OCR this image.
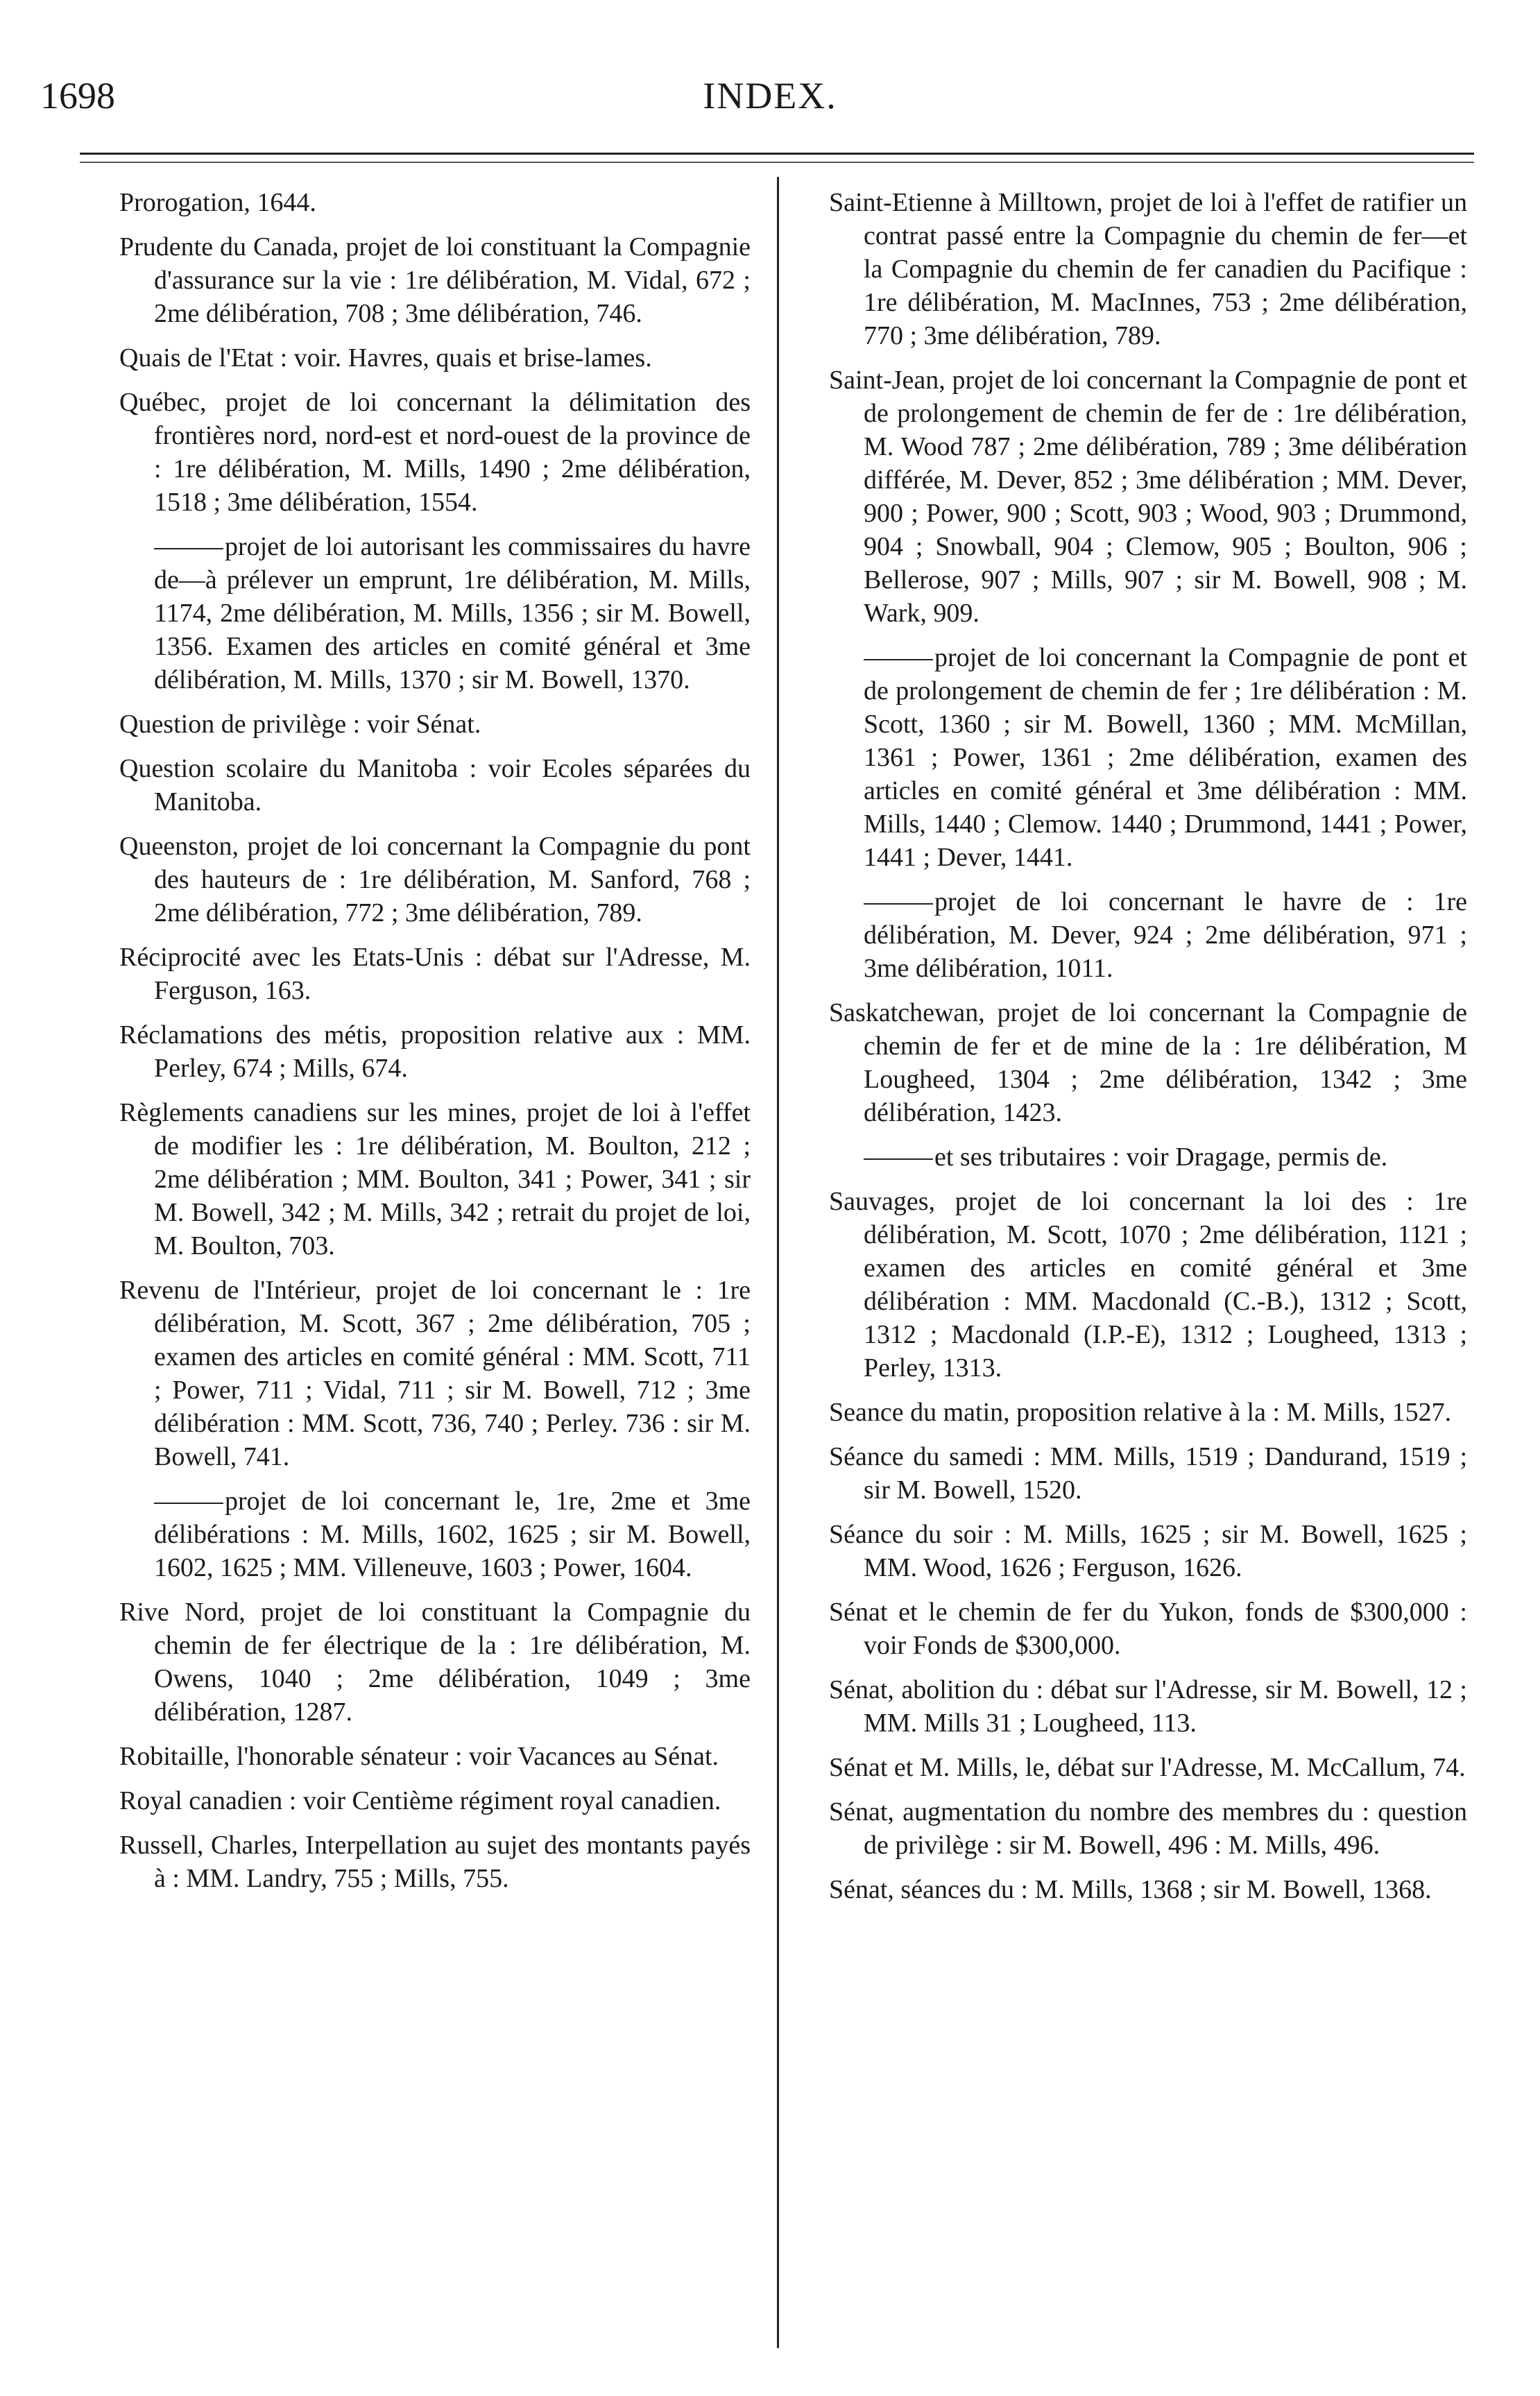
1698	INDEX.
Prorogation, 1644.
Prudente du Canada, projet de loi constituant la Compagnie d'assurance sur la vie : 1re délibération, M. Vidal, 672 ; 2me délibération, 708 ; 3me délibération, 746.
Quais de l'Etat : voir. Havres, quais et brise-lames.
Québec, projet de loi concernant la délimitation des frontières nord, nord-est et nord-ouest de la province de : 1re délibération, M. Mills, 1490 ; 2me délibération, 1518 ; 3me délibération, 1554.
projet de loi autorisant les commissaires du havre de—à prélever un emprunt, 1re délibération, M. Mills, 1174, 2me délibération, M. Mills, 1356 ; sir M. Bowell, 1356. Examen des articles en comité général et 3me délibération, M. Mills, 1370 ; sir M. Bowell, 1370.
Question de privilège : voir Sénat.
Question scolaire du Manitoba : voir Ecoles séparées du Manitoba.
Queenston, projet de loi concernant la Compagnie du pont des hauteurs de : 1re délibération, M. Sanford, 768 ; 2me délibération, 772 ; 3me délibération, 789.
Réciprocité avec les Etats-Unis : débat sur l'Adresse, M. Ferguson, 163.
Réclamations des métis, proposition relative aux : MM. Perley, 674 ; Mills, 674.
Règlements canadiens sur les mines, projet de loi à l'effet de modifier les : 1re délibération, M. Boulton, 212 ; 2me délibération ; MM. Boulton, 341 ; Power, 341 ; sir M. Bowell, 342 ; M. Mills, 342 ; retrait du projet de loi, M. Boulton, 703.
Revenu de l'Intérieur, projet de loi concernant le : 1re délibération, M. Scott, 367 ; 2me délibération, 705 ; examen des articles en comité général : MM. Scott, 711 ; Power, 711 ; Vidal, 711 ; sir M. Bowell, 712 ; 3me délibération : MM. Scott, 736, 740 ; Perley. 736 : sir M. Bowell, 741.
projet de loi concernant le, 1re, 2me et 3me délibérations : M. Mills, 1602, 1625 ; sir M. Bowell, 1602, 1625 ; MM. Villeneuve, 1603 ; Power, 1604.
Rive Nord, projet de loi constituant la Compagnie du chemin de fer électrique de la : 1re délibération, M. Owens, 1040 ; 2me délibération, 1049 ; 3me délibération, 1287.
Robitaille, l'honorable sénateur : voir Vacances au Sénat.
Royal canadien : voir Centième régiment royal canadien.
Russell, Charles, Interpellation au sujet des montants payés à : MM. Landry, 755 ; Mills, 755.
Saint-Etienne à Milltown, projet de loi à l'effet de ratifier un contrat passé entre la Compagnie du chemin de fer—et la Compagnie du chemin de fer canadien du Pacifique : 1re délibération, M. MacInnes, 753 ; 2me délibération, 770 ; 3me délibération, 789.
Saint-Jean, projet de loi concernant la Compagnie de pont et de prolongement de chemin de fer de : 1re délibération, M. Wood 787 ; 2me délibération, 789 ; 3me délibération différée, M. Dever, 852 ; 3me délibération ; MM. Dever, 900 ; Power, 900 ; Scott, 903 ; Wood, 903 ; Drummond, 904 ; Snowball, 904 ; Clemow, 905 ; Boulton, 906 ; Bellerose, 907 ; Mills, 907 ; sir M. Bowell, 908 ; M. Wark, 909.
projet de loi concernant la Compagnie de pont et de prolongement de chemin de fer ; 1re délibération : M. Scott, 1360 ; sir M. Bowell, 1360 ; MM. McMillan, 1361 ; Power, 1361 ; 2me délibération, examen des articles en comité général et 3me délibération : MM. Mills, 1440 ; Clemow. 1440 ; Drummond, 1441 ; Power, 1441 ; Dever, 1441.
projet de loi concernant le havre de : 1re délibération, M. Dever, 924 ; 2me délibération, 971 ; 3me délibération, 1011.
Saskatchewan, projet de loi concernant la Compagnie de chemin de fer et de mine de la : 1re délibération, M Lougheed, 1304 ; 2me délibération, 1342 ; 3me délibération, 1423.
et ses tributaires : voir Dragage, permis de.
Sauvages, projet de loi concernant la loi des : 1re délibération, M. Scott, 1070 ; 2me délibération, 1121 ; examen des articles en comité général et 3me délibération : MM. Macdonald (C.-B.), 1312 ; Scott, 1312 ; Macdonald (I.P.-E), 1312 ; Lougheed, 1313 ; Perley, 1313.
Seance du matin, proposition relative à la : M. Mills, 1527.
Séance du samedi : MM. Mills, 1519 ; Dandurand, 1519 ; sir M. Bowell, 1520.
Séance du soir : M. Mills, 1625 ; sir M. Bowell, 1625 ; MM. Wood, 1626 ; Ferguson, 1626.
Sénat et le chemin de fer du Yukon, fonds de $300,000 : voir Fonds de $300,000.
Sénat, abolition du : débat sur l'Adresse, sir M. Bowell, 12 ; MM. Mills 31 ; Lougheed, 113.
Sénat et M. Mills, le, débat sur l'Adresse, M. McCallum, 74.
Sénat, augmentation du nombre des membres du : question de privilège : sir M. Bowell, 496 : M. Mills, 496.
Sénat, séances du : M. Mills, 1368 ; sir M. Bowell, 1368.
